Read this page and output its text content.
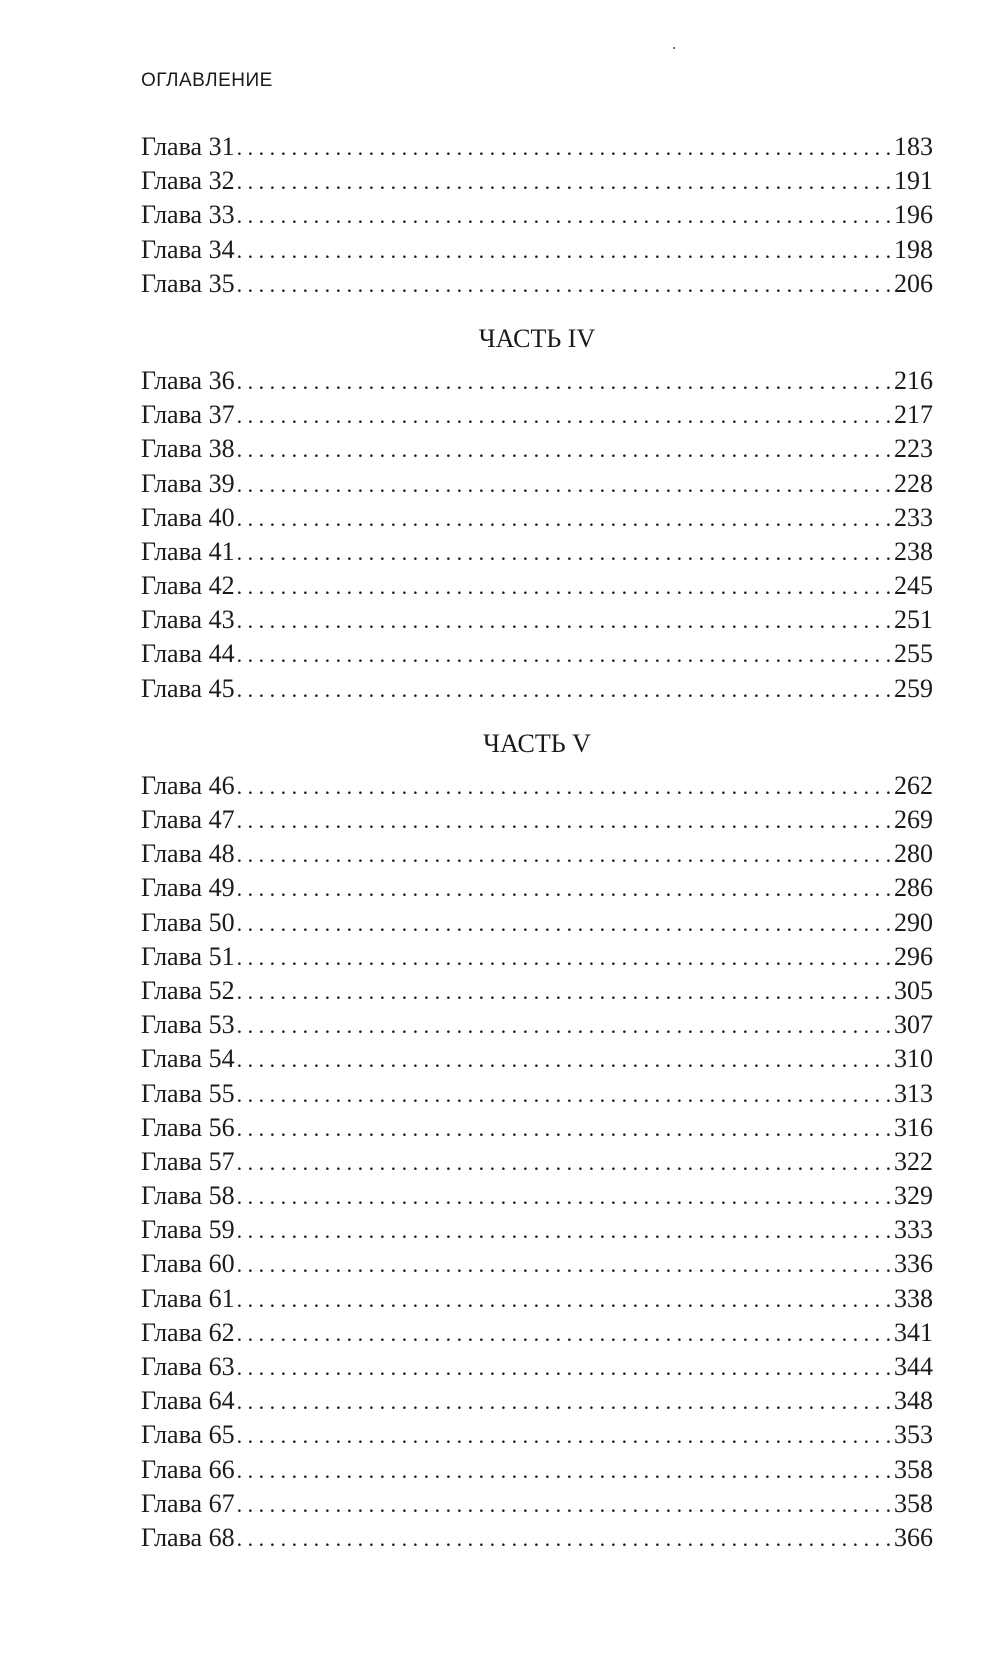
ОГЛАВЛЕНИЕ
Глава 31 . . .	183
Глава 32 . . .	191
Глава 33 . . .	196
Глава 34 . . .	198
Глава 35 . . .	206
ЧАСТЬ IV
Глава 36 . . .	216
Глава 37 . . .	217
Глава 38 . . .	223
Глава 39 . . .	228
Глава 40 . . .	233
Глава 41 . . .	238
Глава 42 . . .	245
Глава 43 . . .	251
Глава 44 . . .	255
Глава 45 . . .	259
ЧАСТЬ V
Глава 46 . . .	262
Глава 47 . . .	269
Глава 48 . . .	280
Глава 49 . . .	286
Глава 50 . . .	290
Глава 51 . . .	296
Глава 52 . . .	305
Глава 53 . . .	307
Глава 54 . . .	310
Глава 55 . . .	313
Глава 56 . . .	316
Глава 57 . . .	322
Глава 58 . . .	329
Глава 59 . . .	333
Глава 60 . . .	336
Глава 61 . . .	338
Глава 62 . . .	341
Глава 63 . . .	344
Глава 64 . . .	348
Глава 65 . . .	353
Глава 66 . . .	358
Глава 67 . . .	358
Глава 68 . . .	366
